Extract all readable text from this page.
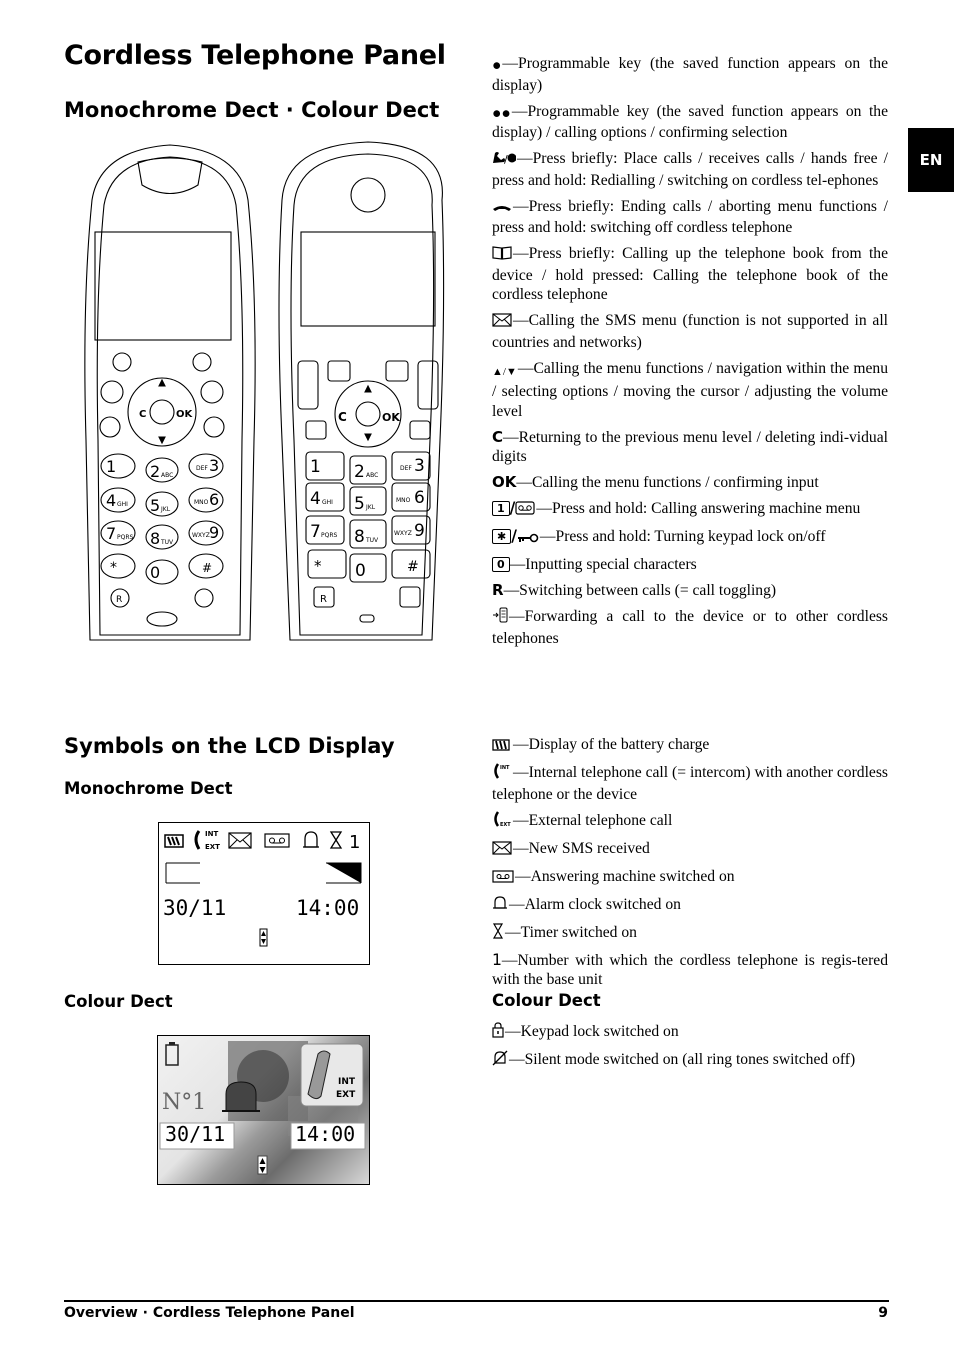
EN
Cordless Telephone Panel
Monochrome Dect · Colour Dect
C	OK
1 2 ABC
DEF 3
4 GHI 5 JKL
MNO 6
7 PQRS 8 TUV
WXYZ 9
* 0	#
R
C	OK
1 2 ABC
DEF 3
4 GHI 5 JKL
MNO 6
7 PQRS 8 TUV
WXYZ 9
* 0	#
R
●—Programmable key (the saved function appears on the display)
●●—Programmable key (the saved function appears on the display) / calling options / confirming selection
/ —Press briefly: Place calls / receives calls / hands free / press and hold: Redialling / switching on cordless tel-ephones
—Press briefly: Ending calls / aborting menu functions / press and hold: switching off cordless telephone
—Press briefly: Calling up the telephone book from the device / hold pressed: Calling the telephone book of the cordless telephone
—Calling the SMS menu (function is not supported in all countries and networks)
▲/▼—Calling the menu functions / navigation within the menu / selecting options / moving the cursor / adjusting the volume level
C—Returning to the previous menu level / deleting indi-vidual digits
OK—Calling the menu functions / confirming input
1 / —Press and hold: Calling answering machine menu
✱ / —Press and hold: Turning keypad lock on/off
0 —Inputting special characters
R—Switching between calls (= call toggling)
—Forwarding a call to the device or to other cordless telephones
Symbols on the LCD Display
Monochrome Dect
INT
EXT	1
30/11	14:00
Colour Dect
INT
EXT
N°1
30/11	14:00
—Display of the battery charge
INT —Internal telephone call (= intercom) with another cordless telephone or the device
EXT —External telephone call
—New SMS received
—Answering machine switched on
—Alarm clock switched on
—Timer switched on
1—Number with which the cordless telephone is regis-tered with the base unit
Colour Dect
—Keypad lock switched on
—Silent mode switched on (all ring tones switched off)
Overview · Cordless Telephone Panel	9
